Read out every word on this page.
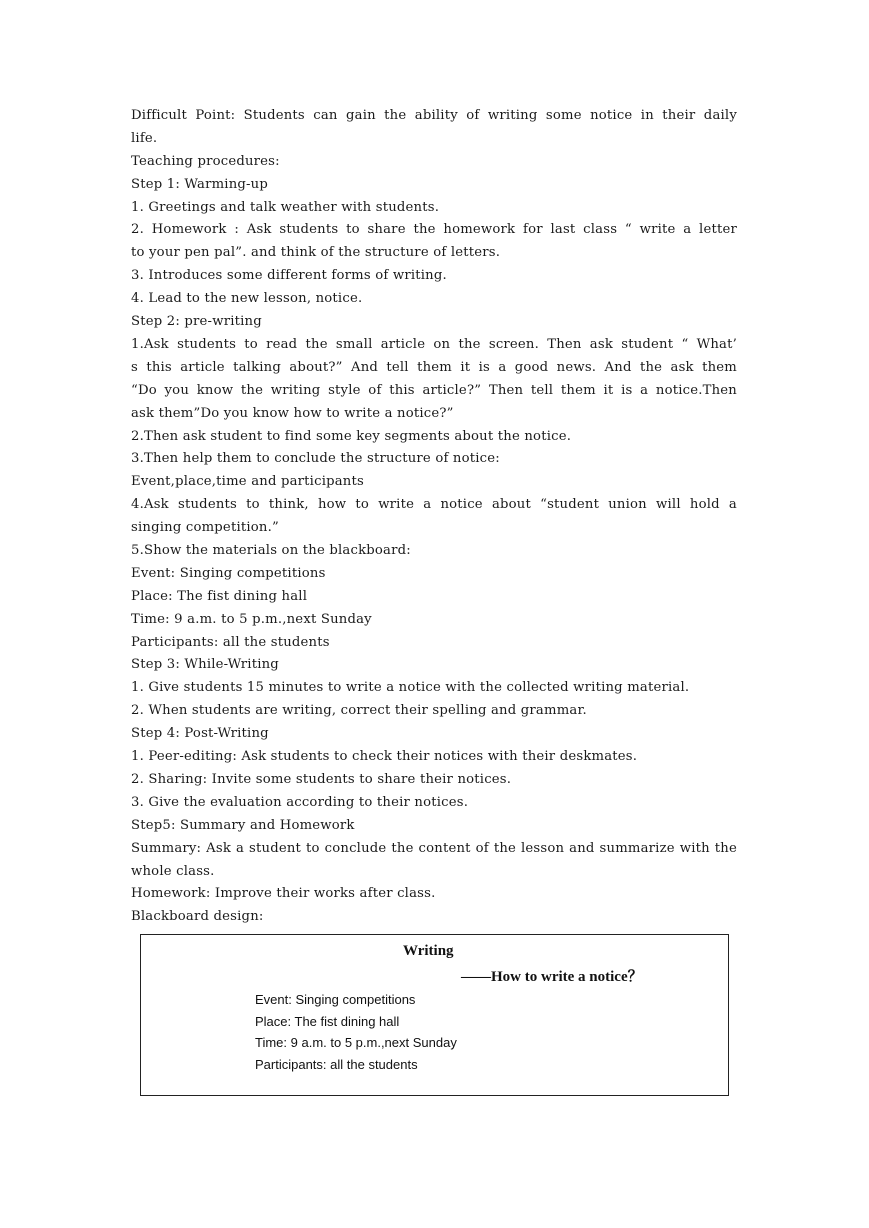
Difficult Point: Students can gain the ability of writing some notice in their daily
life.
Teaching procedures:
Step 1: Warming-up
1. Greetings and talk weather with students.
2. Homework : Ask students to share the homework for last class “ write a letter
to your pen pal”. and think of the structure of letters.
3. Introduces some different forms of writing.
4. Lead to the new lesson, notice.
Step 2: pre-writing
1.Ask students to read the small article on the screen. Then ask student “ What’
s this article talking about?” And tell them it is a good news. And the ask them
“Do you know the writing style of this article?” Then tell them it is a notice.Then
ask them”Do you know how to write a notice?”
2.Then ask student to find some key segments about the notice.
3.Then help them to conclude the structure of notice:
Event,place,time and participants
4.Ask students to think, how to write a notice about “student union will hold a
singing competition.”
5.Show the materials on the blackboard:
Event: Singing competitions
Place: The fist dining hall
Time: 9 a.m. to 5 p.m.,next Sunday
Participants: all the students
Step 3: While-Writing
1. Give students 15 minutes to write a notice with the collected writing material.
2. When students are writing, correct their spelling and grammar.
Step 4: Post-Writing
1. Peer-editing: Ask students to check their notices with their deskmates.
2. Sharing: Invite some students to share their notices.
3. Give the evaluation according to their notices.
Step5: Summary and Homework
Summary: Ask a student to conclude the content of the lesson and summarize with the
whole class.
Homework: Improve their works after class.
Blackboard design:
Writing
——How to write a notice？
Event: Singing competitions
Place: The fist dining hall
Time: 9 a.m. to 5 p.m.,next Sunday
Participants: all the students
